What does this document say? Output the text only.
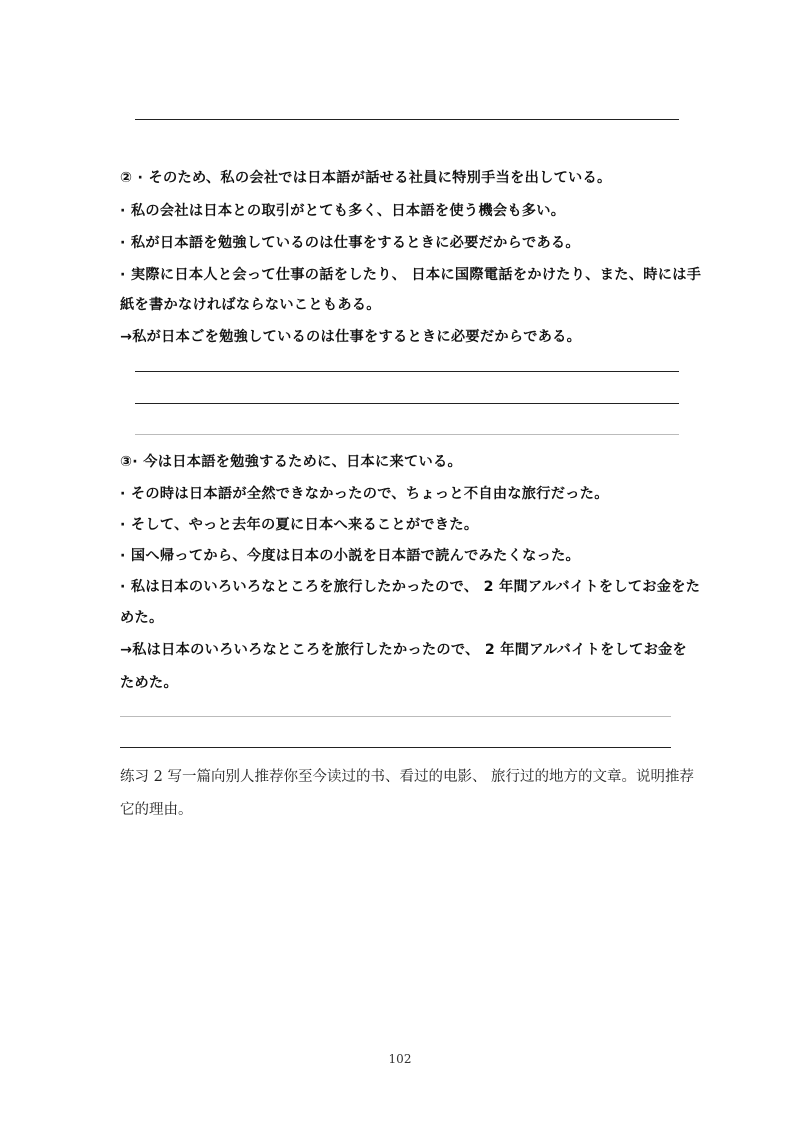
② · そのため、私の会社では日本語が話せる社員に特別手当を出している。
· 私の会社は日本との取引がとても多く、日本語を使う機会も多い。
· 私が日本語を勉強しているのは仕事をするときに必要だからである。
· 実際に日本人と会って仕事の話をしたり、 日本に国際電話をかけたり、また、時には手
紙を書かなければならないこともある。
→私が日本ごを勉強しているのは仕事をするときに必要だからである。
③· 今は日本語を勉強するために、日本に来ている。
· その時は日本語が全然できなかったので、ちょっと不自由な旅行だった。
· そして、やっと去年の夏に日本へ来ることができた。
· 国へ帰ってから、今度は日本の小説を日本語で読んでみたくなった。
· 私は日本のいろいろなところを旅行したかったので、 2 年間アルバイトをしてお金をた
めた。
→私は日本のいろいろなところを旅行したかったので、 2 年間アルバイトをしてお金を
ためた。
练习 2 写一篇向别人推荐你至今读过的书、看过的电影、 旅行过的地方的文章。说明推荐
它的理由。
102
